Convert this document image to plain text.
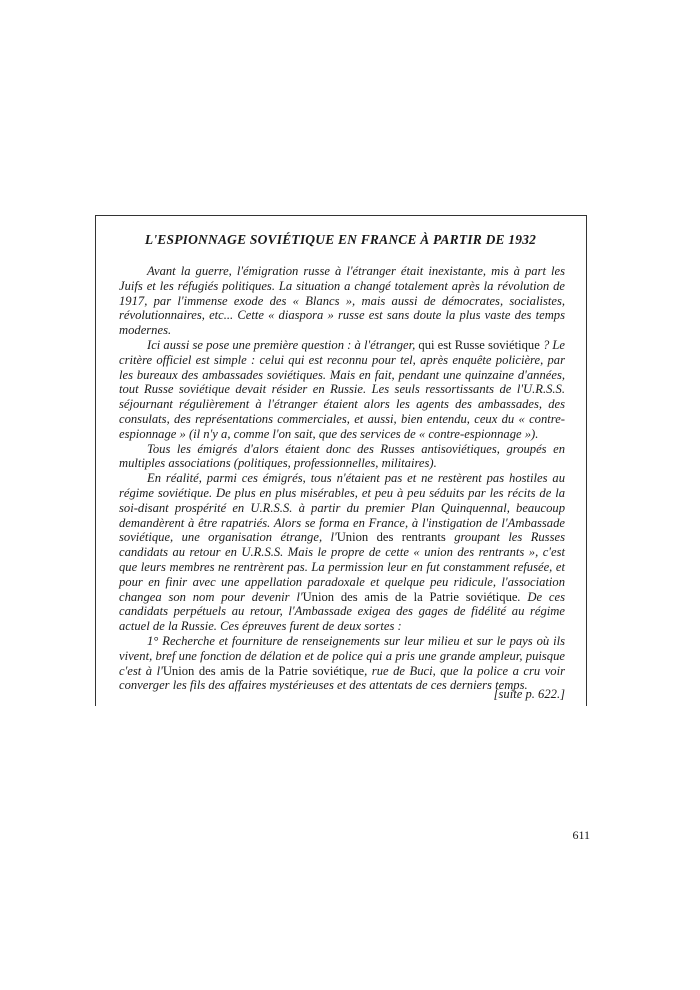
L'ESPIONNAGE SOVIÉTIQUE EN FRANCE À PARTIR DE 1932

Avant la guerre, l'émigration russe à l'étranger était inexistante, mis à part les Juifs et les réfugiés politiques. La situation a changé totalement après la révolution de 1917, par l'immense exode des « Blancs », mais aussi de démocrates, socialistes, révolutionnaires, etc... Cette « diaspora » russe est sans doute la plus vaste des temps modernes.

Ici aussi se pose une première question : à l'étranger, qui est Russe soviétique ? Le critère officiel est simple : celui qui est reconnu pour tel, après enquête policière, par les bureaux des ambassades soviétiques. Mais en fait, pendant une quinzaine d'années, tout Russe soviétique devait résider en Russie. Les seuls ressortissants de l'U.R.S.S. séjournant régulièrement à l'étranger étaient alors les agents des ambassades, des consulats, des représentations commerciales, et aussi, bien entendu, ceux du « contre-espionnage » (il n'y a, comme l'on sait, que des services de « contre-espionnage »).

Tous les émigrés d'alors étaient donc des Russes antisoviétiques, groupés en multiples associations (politiques, professionnelles, militaires).

En réalité, parmi ces émigrés, tous n'étaient pas et ne restèrent pas hostiles au régime soviétique. De plus en plus misérables, et peu à peu séduits par les récits de la soi-disant prospérité en U.R.S.S. à partir du premier Plan Quinquennal, beaucoup demandèrent à être rapatriés. Alors se forma en France, à l'instigation de l'Ambassade soviétique, une organisation étrange, l'Union des rentrants groupant les Russes candidats au retour en U.R.S.S. Mais le propre de cette « union des rentrants », c'est que leurs membres ne rentrèrent pas. La permission leur en fut constamment refusée, et pour en finir avec une appellation paradoxale et quelque peu ridicule, l'association changea son nom pour devenir l'Union des amis de la Patrie soviétique. De ces candidats perpétuels au retour, l'Ambassade exigea des gages de fidélité au régime actuel de la Russie. Ces épreuves furent de deux sortes :

1° Recherche et fourniture de renseignements sur leur milieu et sur le pays où ils vivent, bref une fonction de délation et de police qui a pris une grande ampleur, puisque c'est à l'Union des amis de la Patrie soviétique, rue de Buci, que la police a cru voir converger les fils des affaires mystérieuses et des attentats de ces derniers temps.

[suite p. 622.]
611
